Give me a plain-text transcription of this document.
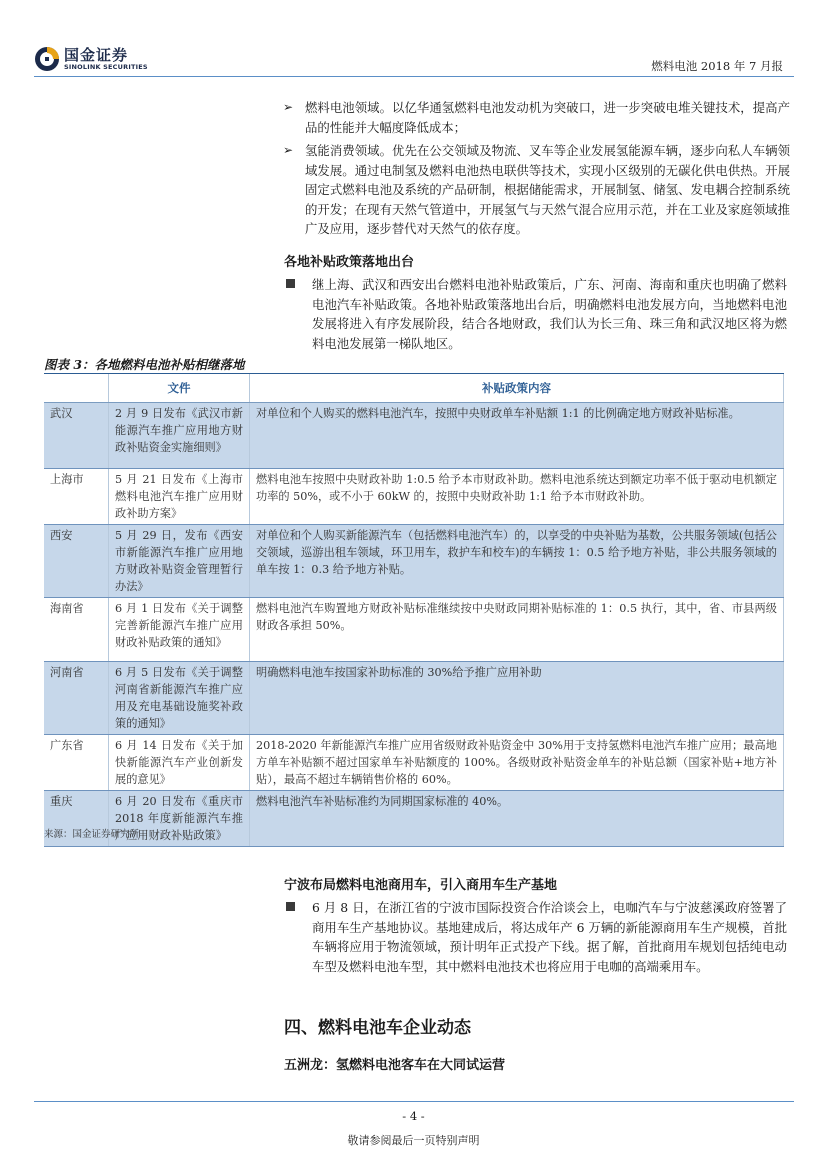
国金证券
SINOLINK SECURITIES	燃料电池 2018 年 7 月报
➢ 燃料电池领域。以亿华通氢燃料电池发动机为突破口，进一步突破电堆关键技术，提高产品的性能并大幅度降低成本；
➢ 氢能消费领域。优先在公交领域及物流、叉车等企业发展氢能源车辆，逐步向私人车辆领域发展。通过电制氢及燃料电池热电联供等技术，实现小区级别的无碳化供电供热。开展固定式燃料电池及系统的产品研制，根据储能需求，开展制氢、储氢、发电耦合控制系统的开发；在现有天然气管道中，开展氢气与天然气混合应用示范，并在工业及家庭领域推广及应用，逐步替代对天然气的依存度。
各地补贴政策落地出台
继上海、武汉和西安出台燃料电池补贴政策后，广东、河南、海南和重庆也明确了燃料电池汽车补贴政策。各地补贴政策落地出台后，明确燃料电池发展方向，当地燃料电池发展将进入有序发展阶段，结合各地财政，我们认为长三角、珠三角和武汉地区将为燃料电池发展第一梯队地区。
图表 3：各地燃料电池补贴相继落地
	文件	补贴政策内容
武汉	2 月 9 日发布《武汉市新能源汽车推广应用地方财政补贴资金实施细则》	对单位和个人购买的燃料电池汽车，按照中央财政单车补贴额 1:1 的比例确定地方财政补贴标准。
上海市	5 月 21 日发布《上海市燃料电池汽车推广应用财政补助方案》	燃料电池车按照中央财政补助 1:0.5 给予本市财政补助。燃料电池系统达到额定功率不低于驱动电机额定功率的 50%，或不小于 60kW 的，按照中央财政补助 1:1 给予本市财政补助。
西安	5 月 29 日，发布《西安市新能源汽车推广应用地方财政补贴资金管理暂行办法》	对单位和个人购买新能源汽车（包括燃料电池汽车）的，以享受的中央补贴为基数，公共服务领域(包括公交领域，巡游出租车领域，环卫用车，救护车和校车)的车辆按 1：0.5 给予地方补贴，非公共服务领域的单车按 1：0.3 给予地方补贴。
海南省	6 月 1 日发布《关于调整完善新能源汽车推广应用财政补贴政策的通知》	燃料电池汽车购置地方财政补贴标准继续按中央财政同期补贴标准的 1：0.5 执行，其中，省、市县两级财政各承担 50%。
河南省	6 月 5 日发布《关于调整河南省新能源汽车推广应用及充电基础设施奖补政策的通知》	明确燃料电池车按国家补助标准的 30%给予推广应用补助
广东省	6 月 14 日发布《关于加快新能源汽车产业创新发展的意见》	2018-2020 年新能源汽车推广应用省级财政补贴资金中 30%用于支持氢燃料电池汽车推广应用；最高地方单车补贴额不超过国家单车补贴额度的 100%。各级财政补贴资金单车的补贴总额（国家补贴+地方补贴），最高不超过车辆销售价格的 60%。
重庆	6 月 20 日发布《重庆市 2018 年度新能源汽车推广应用财政补贴政策》	燃料电池汽车补贴标准约为同期国家标准的 40%。
来源：国金证券研究所
宁波布局燃料电池商用车，引入商用车生产基地
6 月 8 日，在浙江省的宁波市国际投资合作洽谈会上，电咖汽车与宁波慈溪政府签署了商用车生产基地协议。基地建成后，将达成年产 6 万辆的新能源商用车生产规模，首批车辆将应用于物流领域，预计明年正式投产下线。据了解，首批商用车规划包括纯电动车型及燃料电池车型，其中燃料电池技术也将应用于电咖的高端乘用车。
四、燃料电池车企业动态
五洲龙：氢燃料电池客车在大同试运营
- 4 -
敬请参阅最后一页特别声明
